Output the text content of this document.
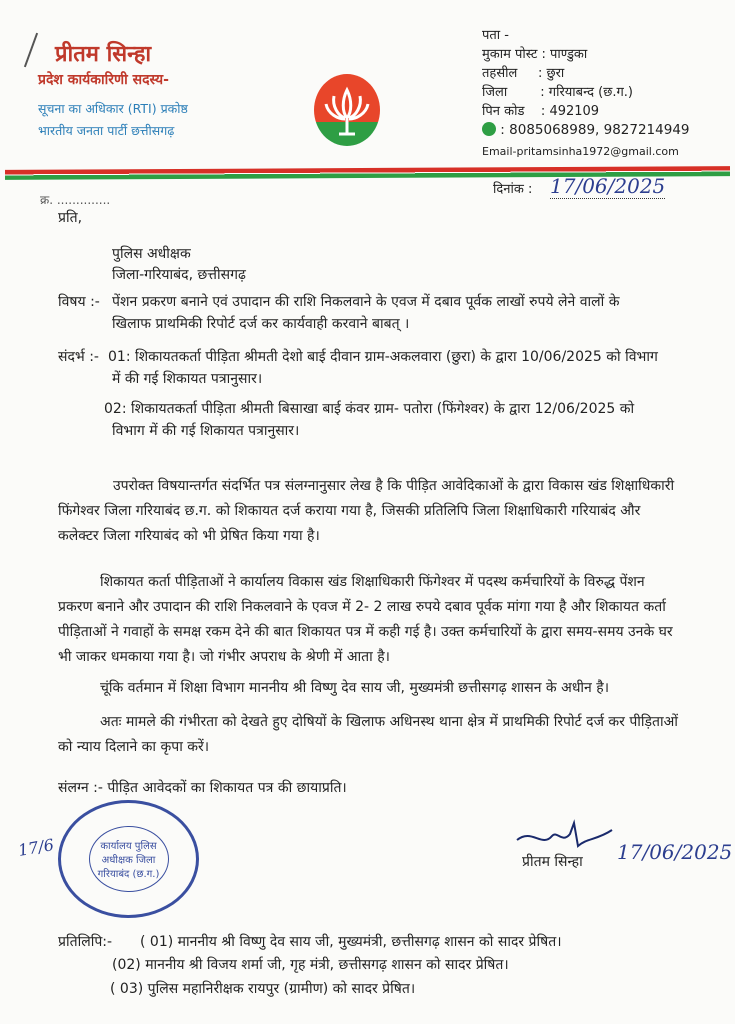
प्रीतम सिन्हा
प्रदेश कार्यकारिणी सदस्य-
सूचना का अधिकार (RTI) प्रकोष्ठ
भारतीय जनता पार्टी छत्तीसगढ़
पता -
मुकाम पोस्ट : पाण्डुका
तहसील     : छुरा
जिला        : गरियाबन्द (छ.ग.)
पिन कोड    : 492109
: 8085068989, 9827214949
Email-pritamsinha1972@gmail.com
क्र. ..............
दिनांक : 17/06/2025
प्रति,
पुलिस अधीक्षक
जिला-गरियाबंद, छत्तीसगढ़
विषय :- पेंशन प्रकरण बनाने एवं उपादान की राशि निकलवाने के एवज में दबाव पूर्वक लाखों रुपये लेने वालों के
खिलाफ प्राथमिकी रिपोर्ट दर्ज कर कार्यवाही करवाने बाबत् ।
संदर्भ :- 01: शिकायतकर्ता पीड़िता श्रीमती देशो बाई दीवान ग्राम-अकलवारा (छुरा) के द्वारा 10/06/2025 को विभाग
में की गई शिकायत पत्रानुसार।
02: शिकायतकर्ता पीड़िता श्रीमती बिसाखा बाई कंवर ग्राम- पतोरा (फिंगेश्वर) के द्वारा 12/06/2025 को
विभाग में की गई शिकायत पत्रानुसार।

उपरोक्त विषयान्तर्गत संदर्भित पत्र संलग्नानुसार लेख है कि पीड़ित आवेदिकाओं के द्वारा विकास खंड शिक्षाधिकारी फिंगेश्वर जिला गरियाबंद छ.ग. को शिकायत दर्ज कराया गया है, जिसकी प्रतिलिपि जिला शिक्षाधिकारी गरियाबंद और कलेक्टर जिला गरियाबंद को भी प्रेषित किया गया है।

शिकायत कर्ता पीड़िताओं ने कार्यालय विकास खंड शिक्षाधिकारी फिंगेश्वर में पदस्थ कर्मचारियों के विरुद्ध पेंशन प्रकरण बनाने और उपादान की राशि निकलवाने के एवज में 2- 2 लाख रुपये दबाव पूर्वक मांगा गया है और शिकायत कर्ता पीड़िताओं ने गवाहों के समक्ष रकम देने की बात शिकायत पत्र में कही गई है। उक्त कर्मचारियों के द्वारा समय-समय उनके घर भी जाकर धमकाया गया है। जो गंभीर अपराध के श्रेणी में आता है।

चूंकि वर्तमान में शिक्षा विभाग माननीय श्री विष्णु देव साय जी, मुख्यमंत्री छत्तीसगढ़ शासन के अधीन है।

अतः मामले की गंभीरता को देखते हुए दोषियों के खिलाफ अधिनस्थ थाना क्षेत्र में प्राथमिकी रिपोर्ट दर्ज कर पीड़िताओं को न्याय दिलाने का कृपा करें।

संलग्न :- पीड़ित आवेदकों का शिकायत पत्र की छायाप्रति।
कार्यालय पुलिस अधीक्षक जिला गरियाबंद (छ.ग.)
17/6
प्रीतम सिन्हा 17/06/2025
प्रतिलिपि:- ( 01) माननीय श्री विष्णु देव साय जी, मुख्यमंत्री, छत्तीसगढ़ शासन को सादर प्रेषित।
(02) माननीय श्री विजय शर्मा जी, गृह मंत्री, छत्तीसगढ़ शासन को सादर प्रेषित।
( 03) पुलिस महानिरीक्षक रायपुर (ग्रामीण) को सादर प्रेषित।
